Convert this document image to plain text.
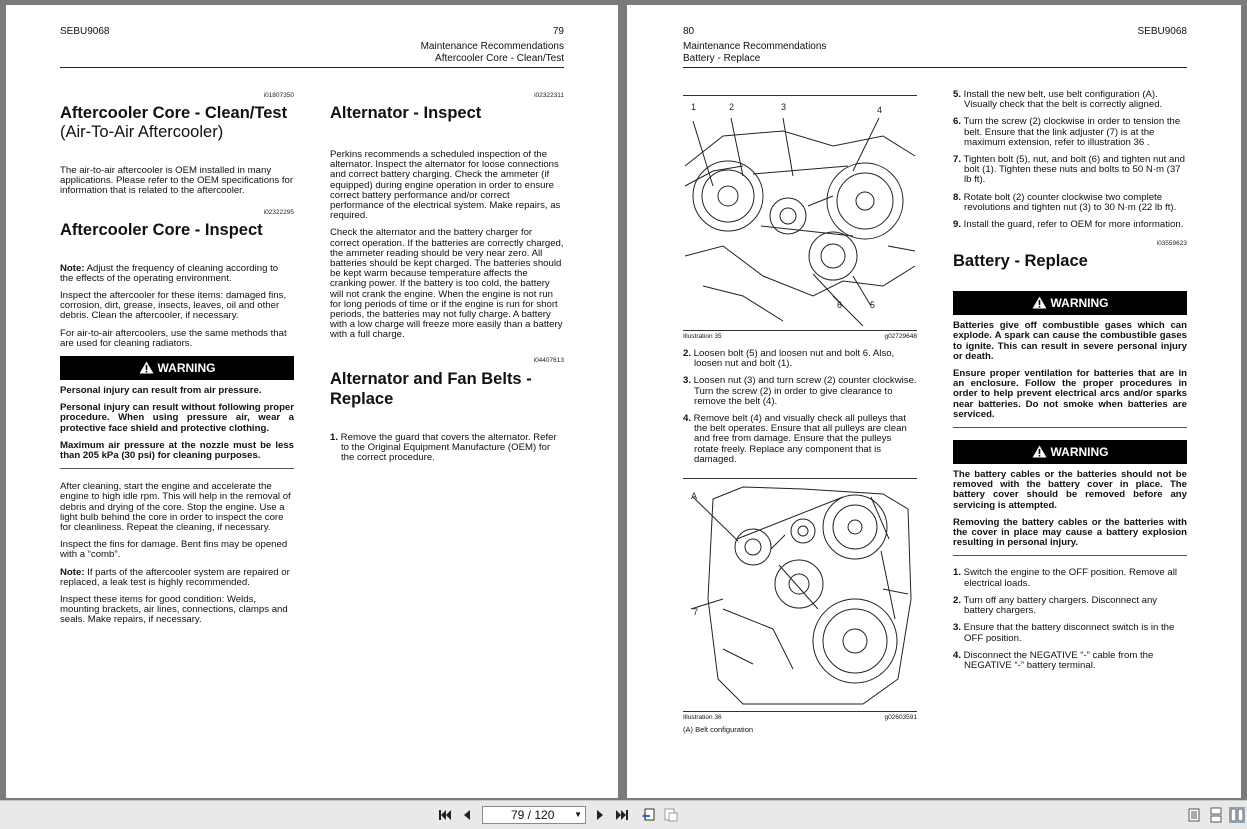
SEBU9068	79
Maintenance Recommendations
Aftercooler Core - Clean/Test
i01807350
Aftercooler Core - Clean/Test
(Air-To-Air Aftercooler)

The air-to-air aftercooler is OEM installed in many applications. Please refer to the OEM specifications for information that is related to the aftercooler.

i02322295
Aftercooler Core - Inspect

Note: Adjust the frequency of cleaning according to the effects of the operating environment.

Inspect the aftercooler for these items: damaged fins, corrosion, dirt, grease, insects, leaves, oil and other debris. Clean the aftercooler, if necessary.

For air-to-air aftercoolers, use the same methods that are used for cleaning radiators.

WARNING

Personal injury can result from air pressure.

Personal injury can result without following proper procedure. When using pressure air, wear a protective face shield and protective clothing.

Maximum air pressure at the nozzle must be less than 205 kPa (30 psi) for cleaning purposes.

After cleaning, start the engine and accelerate the engine to high idle rpm. This will help in the removal of debris and drying of the core. Stop the engine. Use a light bulb behind the core in order to inspect the core for cleanliness. Repeat the cleaning, if necessary.

Inspect the fins for damage. Bent fins may be opened with a “comb”.

Note: If parts of the aftercooler system are repaired or replaced, a leak test is highly recommended.

Inspect these items for good condition: Welds, mounting brackets, air lines, connections, clamps and seals. Make repairs, if necessary.

i02322311
Alternator - Inspect

Perkins recommends a scheduled inspection of the alternator. Inspect the alternator for loose connections and correct battery charging. Check the ammeter (if equipped) during engine operation in order to ensure correct battery performance and/or correct performance of the electrical system. Make repairs, as required.

Check the alternator and the battery charger for correct operation. If the batteries are correctly charged, the ammeter reading should be very near zero. All batteries should be kept charged. The batteries should be kept warm because temperature affects the cranking power. If the battery is too cold, the battery will not crank the engine. When the engine is not run for long periods of time or if the engine is run for short periods, the batteries may not fully charge. A battery with a low charge will freeze more easily than a battery with a full charge.

i04407613
Alternator and Fan Belts - Replace

1. Remove the guard that covers the alternator. Refer to the Original Equipment Manufacture (OEM) for the correct procedure.

80	SEBU9068
Maintenance Recommendations
Battery - Replace
1	2	3	4
6	5
Illustration 35	g02729648

2. Loosen bolt (5) and loosen nut and bolt 6. Also, loosen nut and bolt (1).

3. Loosen nut (3) and turn screw (2) counter clockwise. Turn the screw (2) in order to give clearance to remove the belt (4).

4. Remove belt (4) and visually check all pulleys that the belt operates. Ensure that all pulleys are clean and free from damage. Ensure that the pulleys rotate freely. Replace any component that is damaged.

A
7
Illustration 36	g02603591
(A) Belt configuration

5. Install the new belt, use belt configuration (A). Visually check that the belt is correctly aligned.

6. Turn the screw (2) clockwise in order to tension the belt. Ensure that the link adjuster (7) is at the maximum extension, refer to illustration 36 .

7. Tighten bolt (5), nut, and bolt (6) and tighten nut and bolt (1). Tighten these nuts and bolts to 50 N·m (37 lb ft).

8. Rotate bolt (2) counter clockwise two complete revolutions and tighten nut (3) to 30 N·m (22 lb ft).

9. Install the guard, refer to OEM for more information.

i03559623
Battery - Replace
WARNING

Batteries give off combustible gases which can explode. A spark can cause the combustible gases to ignite. This can result in severe personal injury or death.

Ensure proper ventilation for batteries that are in an enclosure. Follow the proper procedures in order to help prevent electrical arcs and/or sparks near batteries. Do not smoke when batteries are serviced.

WARNING

The battery cables or the batteries should not be removed with the battery cover in place. The battery cover should be removed before any servicing is attempted.

Removing the battery cables or the batteries with the cover in place may cause a battery explosion resulting in personal injury.

1. Switch the engine to the OFF position. Remove all electrical loads.

2. Turn off any battery chargers. Disconnect any battery chargers.

3. Ensure that the battery disconnect switch is in the OFF position.

4. Disconnect the NEGATIVE “-” cable from the NEGATIVE “-” battery terminal.

79 / 120 ▼
